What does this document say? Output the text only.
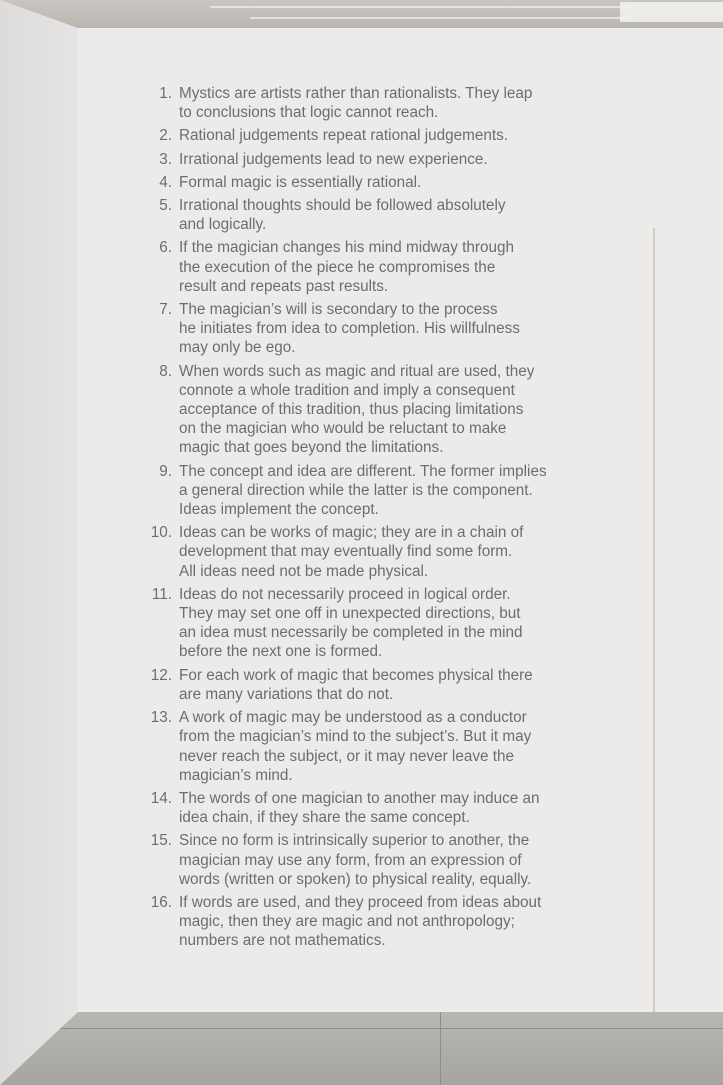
1. Mystics are artists rather than rationalists. They leap
to conclusions that logic cannot reach.
2. Rational judgements repeat rational judgements.
3. Irrational judgements lead to new experience.
4. Formal magic is essentially rational.
5. Irrational thoughts should be followed absolutely
and logically.
6. If the magician changes his mind midway through
the execution of the piece he compromises the
result and repeats past results.
7. The magician’s will is secondary to the process
he initiates from idea to completion. His willfulness
may only be ego.
8. When words such as magic and ritual are used, they
connote a whole tradition and imply a consequent
acceptance of this tradition, thus placing limitations
on the magician who would be reluctant to make
magic that goes beyond the limitations.
9. The concept and idea are different. The former implies
a general direction while the latter is the component.
Ideas implement the concept.
10. Ideas can be works of magic; they are in a chain of
development that may eventually find some form.
All ideas need not be made physical.
11. Ideas do not necessarily proceed in logical order.
They may set one off in unexpected directions, but
an idea must necessarily be completed in the mind
before the next one is formed.
12. For each work of magic that becomes physical there
are many variations that do not.
13. A work of magic may be understood as a conductor
from the magician’s mind to the subject’s. But it may
never reach the subject, or it may never leave the
magician’s mind.
14. The words of one magician to another may induce an
idea chain, if they share the same concept.
15. Since no form is intrinsically superior to another, the
magician may use any form, from an expression of
words (written or spoken) to physical reality, equally.
16. If words are used, and they proceed from ideas about
magic, then they are magic and not anthropology;
numbers are not mathematics.
